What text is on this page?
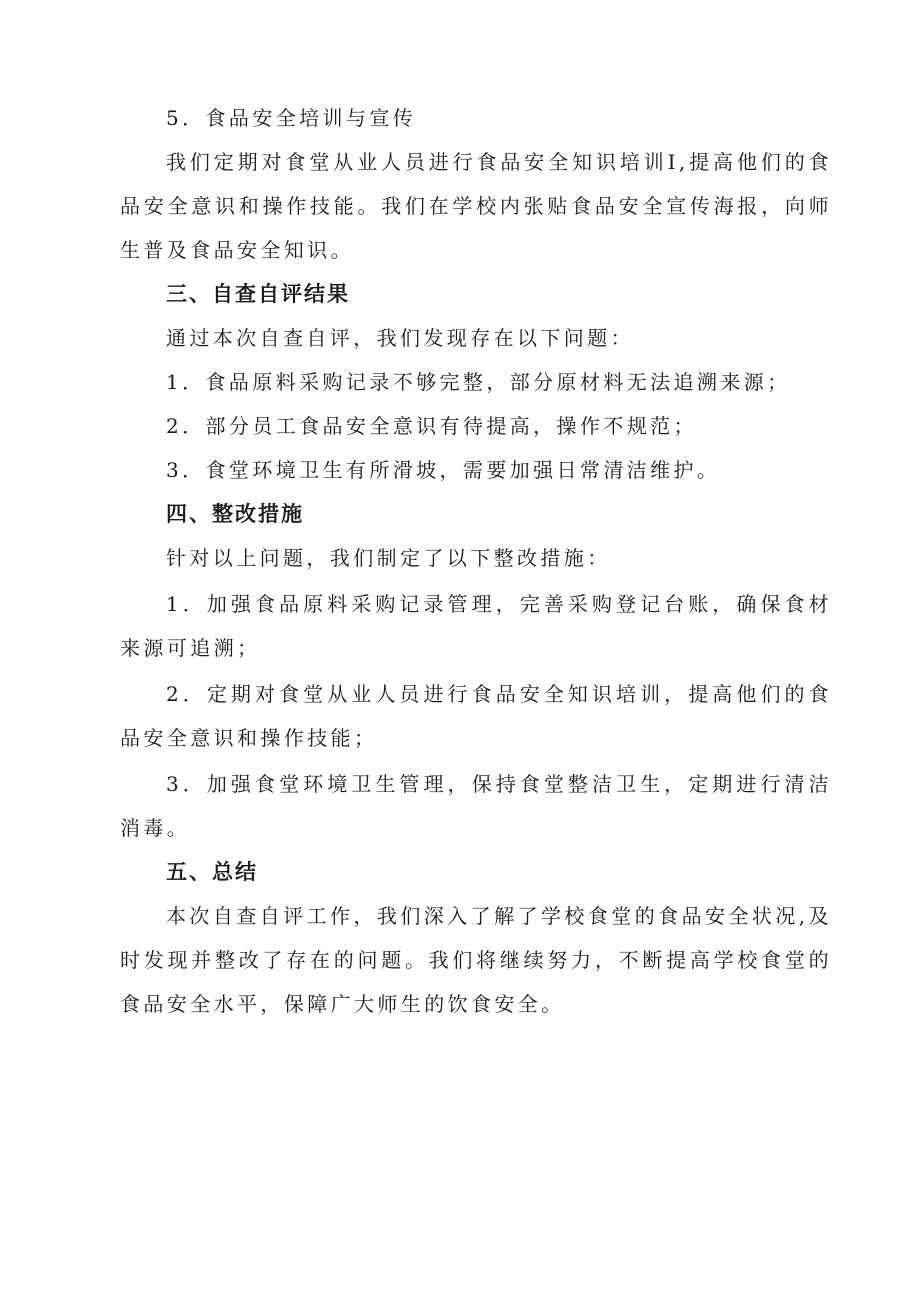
5．食品安全培训与宣传

我们定期对食堂从业人员进行食品安全知识培训I,提高他们的食品安全意识和操作技能。我们在学校内张贴食品安全宣传海报，向师生普及食品安全知识。

三、自查自评结果

通过本次自查自评，我们发现存在以下问题：

1．食品原料采购记录不够完整，部分原材料无法追溯来源；

2．部分员工食品安全意识有待提高，操作不规范；

3．食堂环境卫生有所滑坡，需要加强日常清洁维护。

四、整改措施

针对以上问题，我们制定了以下整改措施：

1．加强食品原料采购记录管理，完善采购登记台账，确保食材来源可追溯；

2．定期对食堂从业人员进行食品安全知识培训，提高他们的食品安全意识和操作技能；

3．加强食堂环境卫生管理，保持食堂整洁卫生，定期进行清洁消毒。

五、总结

本次自查自评工作，我们深入了解了学校食堂的食品安全状况,及时发现并整改了存在的问题。我们将继续努力，不断提高学校食堂的食品安全水平，保障广大师生的饮食安全。
